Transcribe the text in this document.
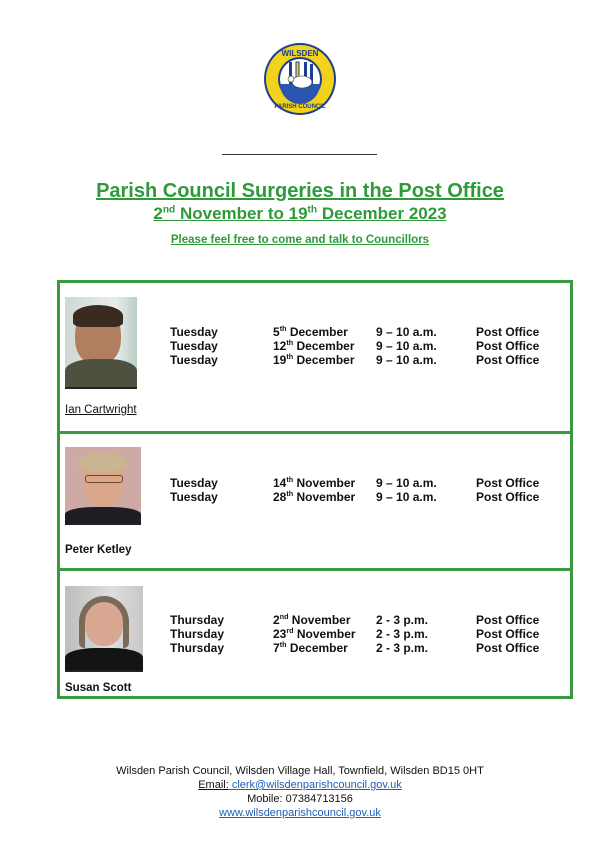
WILSDEN
PARISH COUNCIL
Parish Council Surgeries in the Post Office
2nd November to 19th December 2023
Please feel free to come and talk to Councillors
Ian Cartwright
Tuesday	5th December	9 – 10 a.m.	Post Office
Tuesday	12th December	9 – 10 a.m.	Post Office
Tuesday	19th December	9 – 10 a.m.	Post Office
Peter Ketley
Tuesday	14th November	9 – 10 a.m.	Post Office
Tuesday	28th November	9 – 10 a.m.	Post Office
Susan Scott
Thursday	2nd November	2 - 3 p.m.	Post Office
Thursday	23rd November	2 - 3 p.m.	Post Office
Thursday	7th December	2 - 3 p.m.	Post Office
Wilsden Parish Council, Wilsden Village Hall, Townfield, Wilsden BD15 0HT
Email: clerk@wilsdenparishcouncil.gov.uk
Mobile: 07384713156
www.wilsdenparishcouncil.gov.uk
